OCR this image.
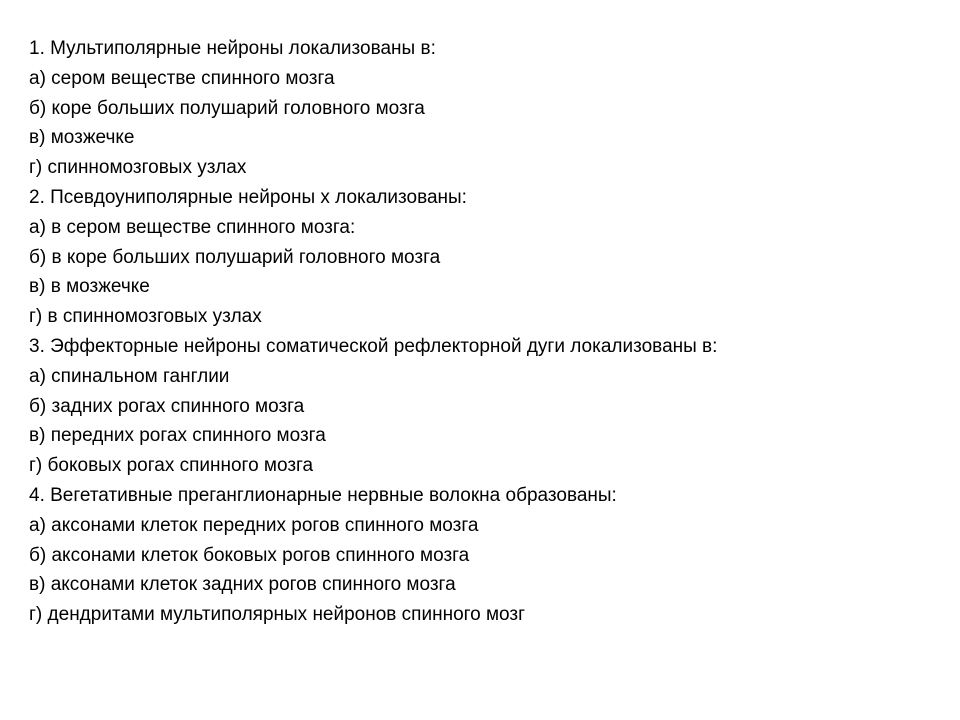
1. Мультиполярные нейроны локализованы в:
а) сером веществе спинного мозга
б) коре больших полушарий головного мозга
в) мозжечке
г) спинномозговых узлах
2. Псевдоуниполярные нейроны х локализованы:
а) в сером веществе спинного мозга:
б) в коре больших полушарий головного мозга
в) в мозжечке
г) в спинномозговых узлах
3. Эффекторные нейроны соматической рефлекторной дуги локализованы в:
а) спинальном ганглии
б) задних рогах спинного мозга
в) передних рогах спинного мозга
г) боковых рогах спинного мозга
4. Вегетативные преганглионарные нервные волокна образованы:
а) аксонами клеток передних рогов спинного мозга
б) аксонами клеток боковых рогов спинного мозга
в) аксонами клеток задних рогов спинного мозга
г) дендритами мультиполярных нейронов спинного мозг
